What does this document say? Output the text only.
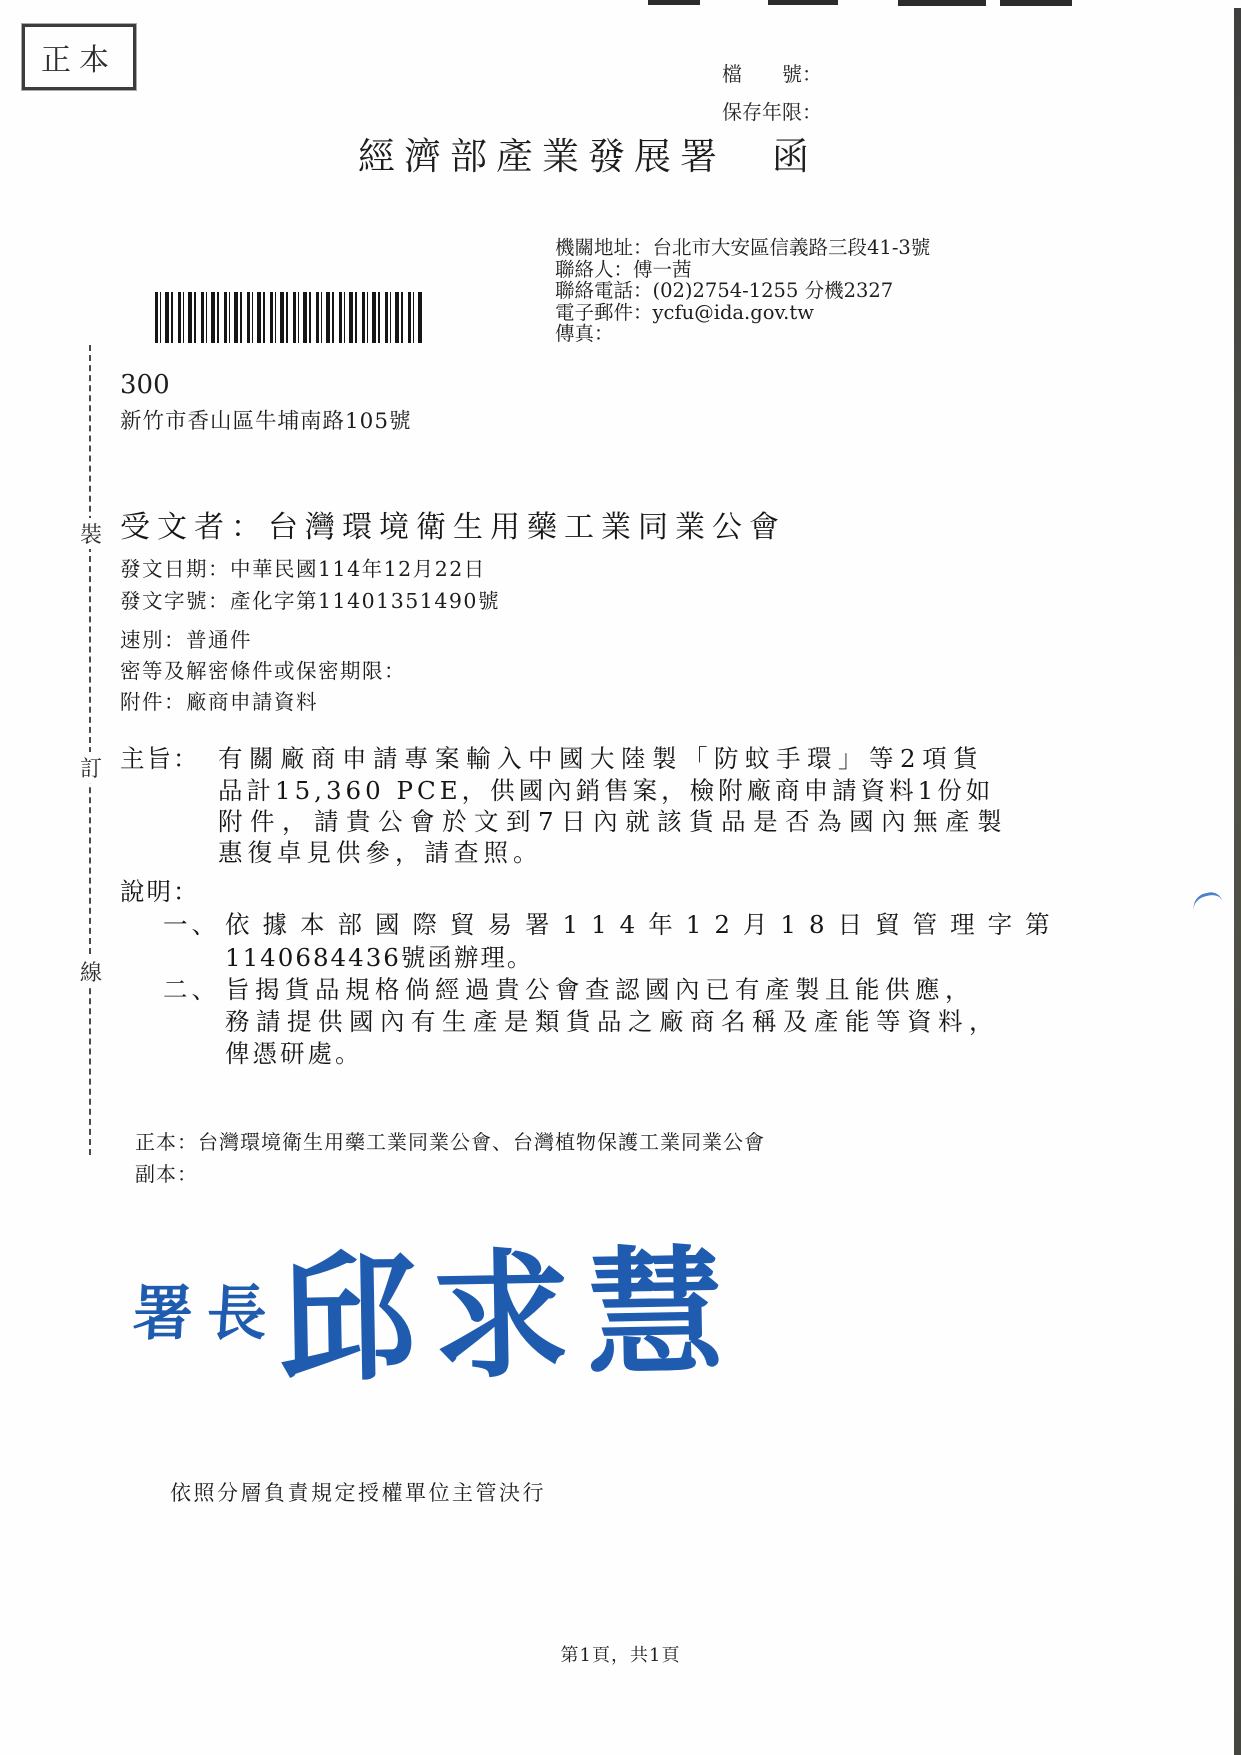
正本	檔　　號：
保存年限：
經濟部產業發展署　函
機關地址：台北市大安區信義路三段41-3號
聯絡人：傅一茜
聯絡電話：(02)2754-1255 分機2327
電子郵件：ycfu@ida.gov.tw
傳真：
300
新竹市香山區牛埔南路105號
受文者：台灣環境衛生用藥工業同業公會
發文日期：中華民國114年12月22日
發文字號：產化字第11401351490號
速別：普通件
密等及解密條件或保密期限：
附件：廠商申請資料
主旨： 有關廠商申請專案輸入中國大陸製「防蚊手環」等2項貨
品計15,360 PCE，供國內銷售案，檢附廠商申請資料1份如
附件，請貴公會於文到7日內就該貨品是否為國內無產製
惠復卓見供參，請查照。
說明：
一、 依據本部國際貿易署114年12月18日貿管理字第
1140684436號函辦理。
二、 旨揭貨品規格倘經過貴公會查認國內已有產製且能供應，
務請提供國內有生產是類貨品之廠商名稱及產能等資料，
俾憑研處。
正本：台灣環境衛生用藥工業同業公會、台灣植物保護工業同業公會
副本：
署長
邱求慧
依照分層負責規定授權單位主管決行
第1頁，共1頁
裝
訂
線
